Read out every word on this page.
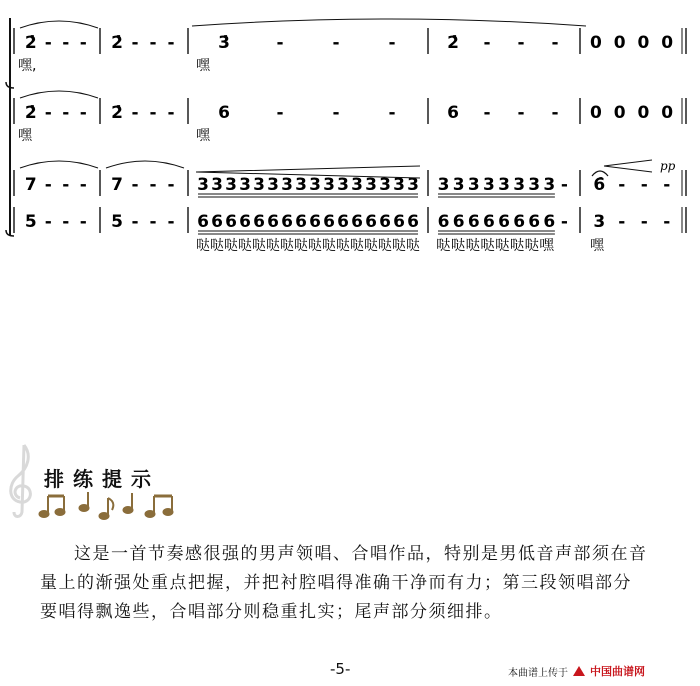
2̇ - - - 2̇ - - -	3̇	-	-	-	2̇ - - - 0 0 0 0
2̇ - - - 2̇ - - -	6	-	-	-	6 - - - 0 0 0 0
7 - - - 7 - - - 3 3 3 3 3 3 3 3 3 3 3 3 3 3 3 3 3 3 3 3 3 3 3 3 - 6̇ - - -
5 - - - 5 - - - 6 6 6 6 6 6 6 6 6 6 6 6 6 6 6 6 6 6 6 6 6 6 6 6 - 3 - - -
pp
嘿,	嘿
嘿	嘿
哒哒哒哒哒哒哒哒哒哒哒哒哒哒哒哒 哒哒哒哒哒哒哒嘿 嘿
排练提示

这是一首节奏感很强的男声领唱、合唱作品，特别是男低音声部须在音量上的渐强处重点把握，并把衬腔唱得准确干净而有力；第三段领唱部分要唱得飘逸些，合唱部分则稳重扎实；尾声部分须细排。

-5-	本曲谱上传于 中国曲谱网
